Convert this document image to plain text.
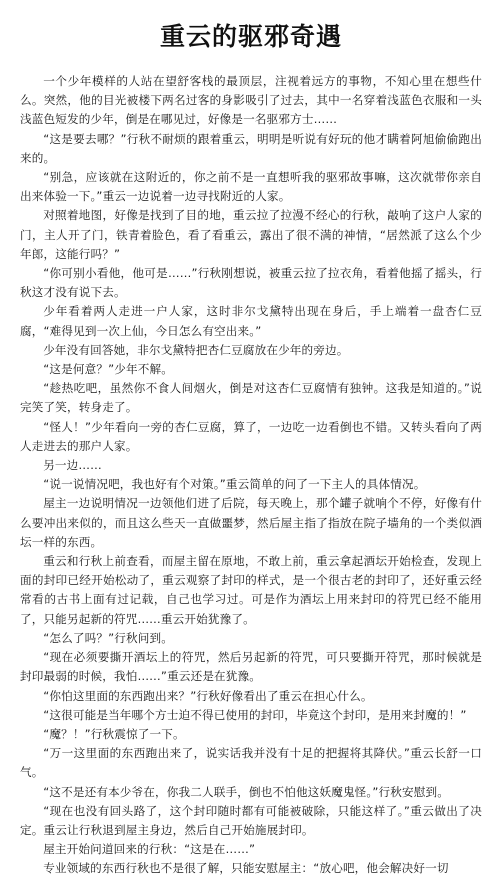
重云的驱邪奇遇

一个少年模样的人站在望舒客栈的最顶层，注视着远方的事物，不知心里在想些什么。突然，他的目光被楼下两名过客的身影吸引了过去，其中一名穿着浅蓝色衣服和一头浅蓝色短发的少年，倒是在哪见过，好像是一名驱邪方士……

“这是要去哪？”行秋不耐烦的跟着重云，明明是听说有好玩的他才瞒着阿旭偷偷跑出来的。

“别急，应该就在这附近的，你之前不是一直想听我的驱邪故事嘛，这次就带你亲自出来体验一下。”重云一边说着一边寻找附近的人家。

对照着地图，好像是找到了目的地，重云拉了拉漫不经心的行秋，敲响了这户人家的门，主人开了门，铁青着脸色，看了看重云，露出了很不满的神情，“居然派了这么个少年郎，这能行吗？”

“你可别小看他，他可是……”行秋刚想说，被重云拉了拉衣角，看着他摇了摇头，行秋这才没有说下去。

少年看着两人走进一户人家，这时非尔戈黛特出现在身后，手上端着一盘杏仁豆腐，“难得见到一次上仙，今日怎么有空出来。”

少年没有回答她，非尔戈黛特把杏仁豆腐放在少年的旁边。

“这是何意？”少年不解。

“趁热吃吧，虽然你不食人间烟火，倒是对这杏仁豆腐情有独钟。这我是知道的。”说完笑了笑，转身走了。

“怪人！”少年看向一旁的杏仁豆腐，算了，一边吃一边看倒也不错。又转头看向了两人走进去的那户人家。

另一边……

“说一说情况吧，我也好有个对策。”重云简单的问了一下主人的具体情况。

屋主一边说明情况一边领他们进了后院，每天晚上，那个罐子就响个不停，好像有什么要冲出来似的，而且这么些天一直做噩梦，然后屋主指了指放在院子墙角的一个类似酒坛一样的东西。

重云和行秋上前查看，而屋主留在原地，不敢上前，重云拿起酒坛开始检查，发现上面的封印已经开始松动了，重云观察了封印的样式，是一个很古老的封印了，还好重云经常看的古书上面有过记载，自己也学习过。可是作为酒坛上用来封印的符咒已经不能用了，只能另起新的符咒……重云开始犹豫了。

“怎么了吗？”行秋问到。

“现在必须要撕开酒坛上的符咒，然后另起新的符咒，可只要撕开符咒，那时候就是封印最弱的时候，我怕……”重云还是在犹豫。

“你怕这里面的东西跑出来？”行秋好像看出了重云在担心什么。

“这很可能是当年哪个方士迫不得已使用的封印，毕竟这个封印，是用来封魔的！”

“魔？！”行秋震惊了一下。

“万一这里面的东西跑出来了，说实话我并没有十足的把握将其降伏。”重云长舒一口气。

“这不是还有本少爷在，你我二人联手，倒也不怕他这妖魔鬼怪。”行秋安慰到。

“现在也没有回头路了，这个封印随时都有可能被破除，只能这样了。”重云做出了决定。重云让行秋退到屋主身边，然后自己开始施展封印。

屋主开始问道回来的行秋：“这是在……”

专业领域的东西行秋也不是很了解，只能安慰屋主：“放心吧，他会解决好一切
